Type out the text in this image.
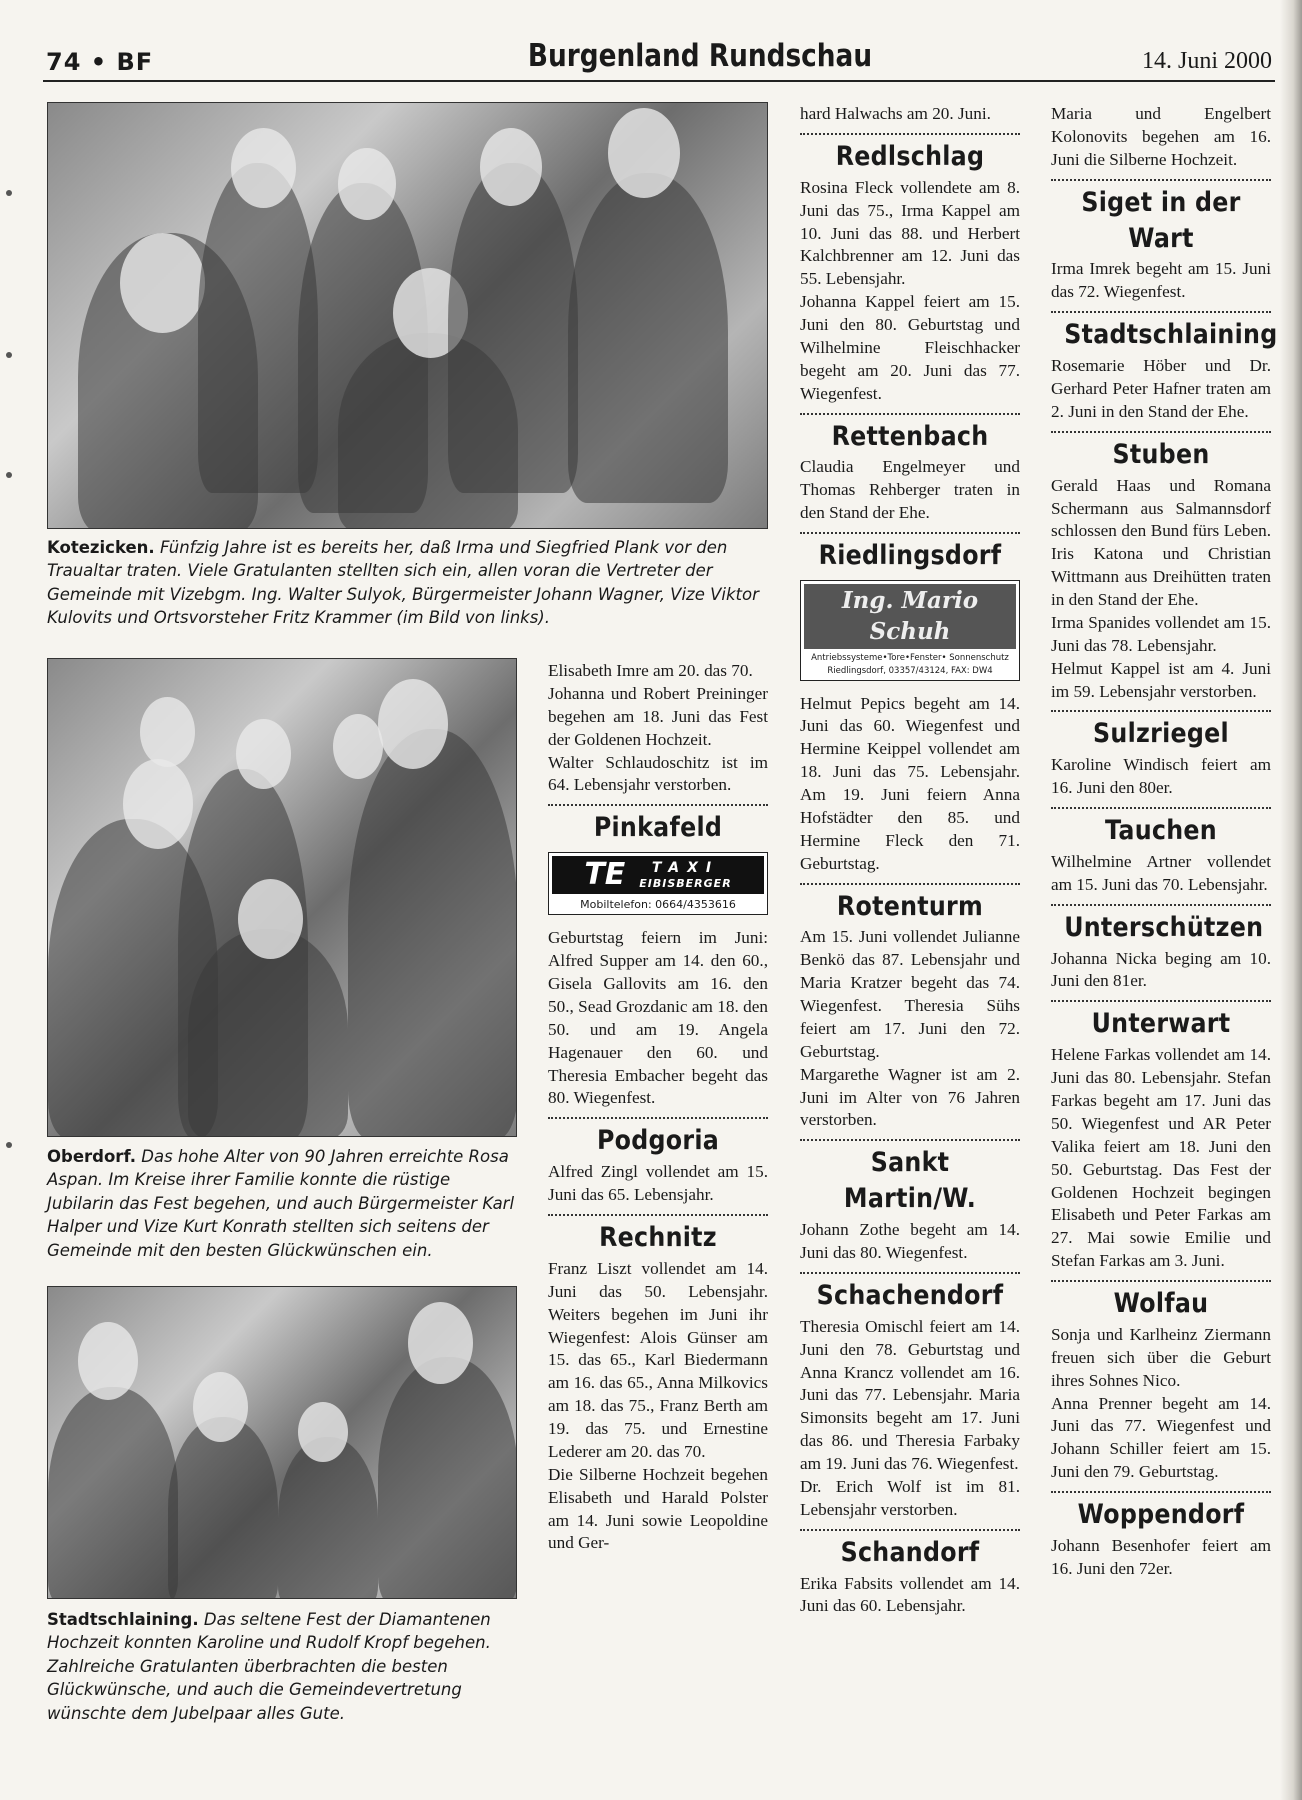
74 • BF	Burgenland Rundschau	14. Juni 2000
Kotezicken. Fünfzig Jahre ist es bereits her, daß Irma und Siegfried Plank vor den Traualtar traten. Viele Gratulanten stellten sich ein, allen voran die Vertreter der Gemeinde mit Vizebgm. Ing. Walter Sulyok, Bürgermeister Johann Wagner, Vize Viktor Kulovits und Ortsvorsteher Fritz Krammer (im Bild von links).
Oberdorf. Das hohe Alter von 90 Jahren erreichte Rosa Aspan. Im Kreise ihrer Familie konnte die rüstige Jubilarin das Fest begehen, und auch Bürgermeister Karl Halper und Vize Kurt Konrath stellten sich seitens der Gemeinde mit den besten Glückwünschen ein.
Stadtschlaining. Das seltene Fest der Diamantenen Hochzeit konnten Karoline und Rudolf Kropf begehen. Zahlreiche Gratulanten überbrachten die besten Glückwünsche, und auch die Gemeindevertretung wünschte dem Jubelpaar alles Gute.

Elisabeth Imre am 20. das 70.

Johanna und Robert Preininger begehen am 18. Juni das Fest der Goldenen Hochzeit.

Walter Schlaudoschitz ist im 64. Lebensjahr verstorben.

Pinkafeld
TE	TAXI
EIBISBERGER
Mobiltelefon: 0664/4353616

Geburtstag feiern im Juni: Alfred Supper am 14. den 60., Gisela Gallovits am 16. den 50., Sead Grozdanic am 18. den 50. und am 19. Angela Hagenauer den 60. und Theresia Embacher begeht das 80. Wiegenfest.

Podgoria

Alfred Zingl vollendet am 15. Juni das 65. Lebensjahr.

Rechnitz

Franz Liszt vollendet am 14. Juni das 50. Lebensjahr. Weiters begehen im Juni ihr Wiegenfest: Alois Günser am 15. das 65., Karl Biedermann am 16. das 65., Anna Milkovics am 18. das 75., Franz Berth am 19. das 75. und Ernestine Lederer am 20. das 70.

Die Silberne Hochzeit begehen Elisabeth und Harald Polster am 14. Juni sowie Leopoldine und Ger-

hard Halwachs am 20. Juni.

Redlschlag

Rosina Fleck vollendete am 8. Juni das 75., Irma Kappel am 10. Juni das 88. und Herbert Kalchbrenner am 12. Juni das 55. Lebensjahr.

Johanna Kappel feiert am 15. Juni den 80. Geburtstag und Wilhelmine Fleischhacker begeht am 20. Juni das 77. Wiegenfest.

Rettenbach

Claudia Engelmeyer und Thomas Rehberger traten in den Stand der Ehe.

Riedlingsdorf
Ing. Mario Schuh
Antriebssysteme•Tore•Fenster• Sonnenschutz
Riedlingsdorf, 03357/43124, FAX: DW4

Helmut Pepics begeht am 14. Juni das 60. Wiegenfest und Hermine Keippel vollendet am 18. Juni das 75. Lebensjahr. Am 19. Juni feiern Anna Hofstädter den 85. und Hermine Fleck den 71. Geburtstag.

Rotenturm

Am 15. Juni vollendet Julianne Benkö das 87. Lebensjahr und Maria Kratzer begeht das 74. Wiegenfest. Theresia Sühs feiert am 17. Juni den 72. Geburtstag.

Margarethe Wagner ist am 2. Juni im Alter von 76 Jahren verstorben.

Sankt Martin/W.

Johann Zothe begeht am 14. Juni das 80. Wiegenfest.

Schachendorf

Theresia Omischl feiert am 14. Juni den 78. Geburtstag und Anna Krancz vollendet am 16. Juni das 77. Lebensjahr. Maria Simonsits begeht am 17. Juni das 86. und Theresia Farbaky am 19. Juni das 76. Wiegenfest.

Dr. Erich Wolf ist im 81. Lebensjahr verstorben.

Schandorf

Erika Fabsits vollendet am 14. Juni das 60. Lebensjahr.

Maria und Engelbert Kolonovits begehen am 16. Juni die Silberne Hochzeit.

Siget in der Wart

Irma Imrek begeht am 15. Juni das 72. Wiegenfest.

Stadtschlaining

Rosemarie Höber und Dr. Gerhard Peter Hafner traten am 2. Juni in den Stand der Ehe.

Stuben

Gerald Haas und Romana Schermann aus Salmannsdorf schlossen den Bund fürs Leben. Iris Katona und Christian Wittmann aus Dreihütten traten in den Stand der Ehe.

Irma Spanides vollendet am 15. Juni das 78. Lebensjahr.

Helmut Kappel ist am 4. Juni im 59. Lebensjahr verstorben.

Sulzriegel

Karoline Windisch feiert am 16. Juni den 80er.

Tauchen

Wilhelmine Artner vollendet am 15. Juni das 70. Lebensjahr.

Unterschützen

Johanna Nicka beging am 10. Juni den 81er.

Unterwart

Helene Farkas vollendet am 14. Juni das 80. Lebensjahr. Stefan Farkas begeht am 17. Juni das 50. Wiegenfest und AR Peter Valika feiert am 18. Juni den 50. Geburtstag. Das Fest der Goldenen Hochzeit begingen Elisabeth und Peter Farkas am 27. Mai sowie Emilie und Stefan Farkas am 3. Juni.

Wolfau

Sonja und Karlheinz Ziermann freuen sich über die Geburt ihres Sohnes Nico.

Anna Prenner begeht am 14. Juni das 77. Wiegenfest und Johann Schiller feiert am 15. Juni den 79. Geburtstag.

Woppendorf

Johann Besenhofer feiert am 16. Juni den 72er.
